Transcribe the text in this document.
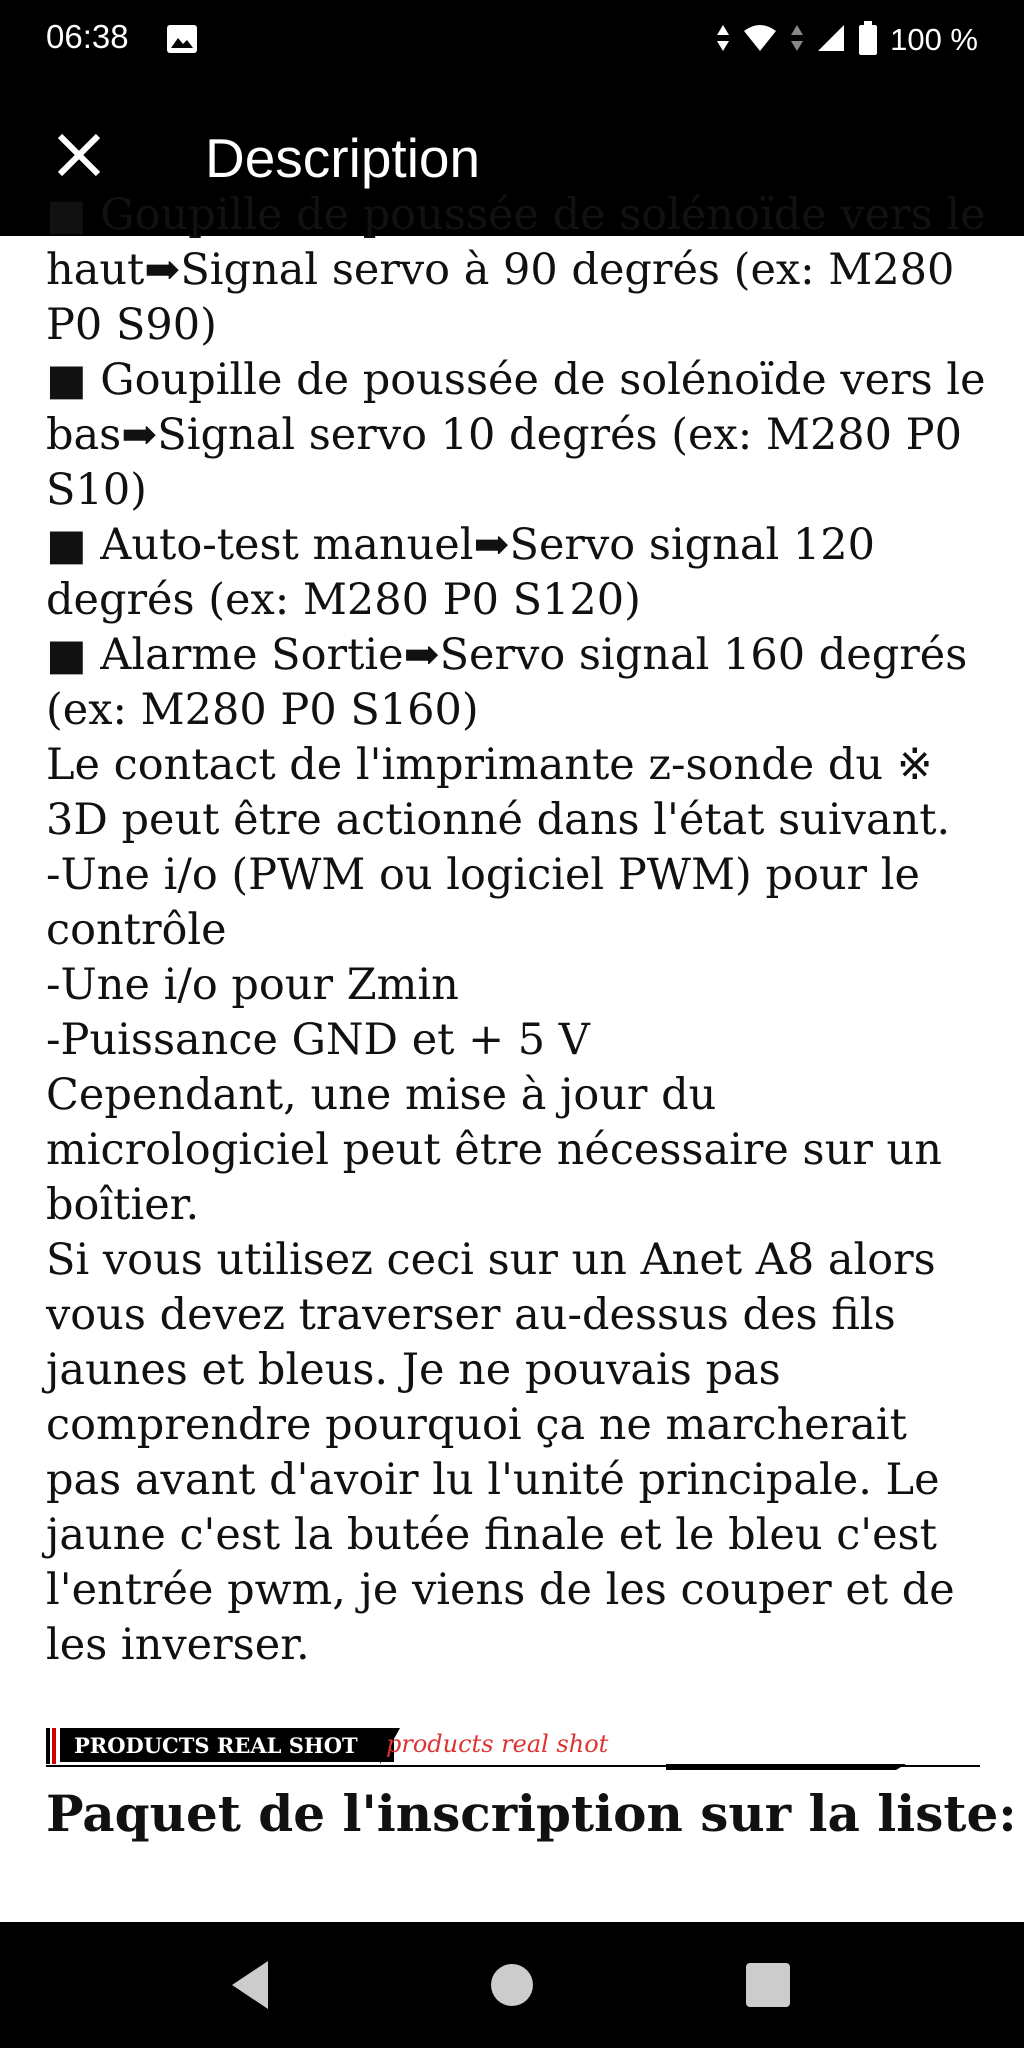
06:38	100 %
Description

■ Goupille de poussée de solénoïde vers le haut➡Signal servo à 90 degrés (ex: M280 P0 S90)

■ Goupille de poussée de solénoïde vers le bas➡Signal servo 10 degrés (ex: M280 P0 S10)

■ Auto-test manuel➡Servo signal 120 degrés (ex: M280 P0 S120)

■ Alarme Sortie➡Servo signal 160 degrés (ex: M280 P0 S160)

Le contact de l'imprimante z-sonde du ※ 3D peut être actionné dans l'état suivant.

-Une i/o (PWM ou logiciel PWM) pour le contrôle

-Une i/o pour Zmin

-Puissance GND et + 5 V

Cependant, une mise à jour du micrologiciel peut être nécessaire sur un boîtier.

Si vous utilisez ceci sur un Anet A8 alors vous devez traverser au-dessus des fils jaunes et bleus. Je ne pouvais pas comprendre pourquoi ça ne marcherait pas avant d'avoir lu l'unité principale. Le jaune c'est la butée finale et le bleu c'est l'entrée pwm, je viens de les couper et de les inverser.

PRODUCTS REAL SHOT	products real shot
Paquet de l'inscription sur la liste:
